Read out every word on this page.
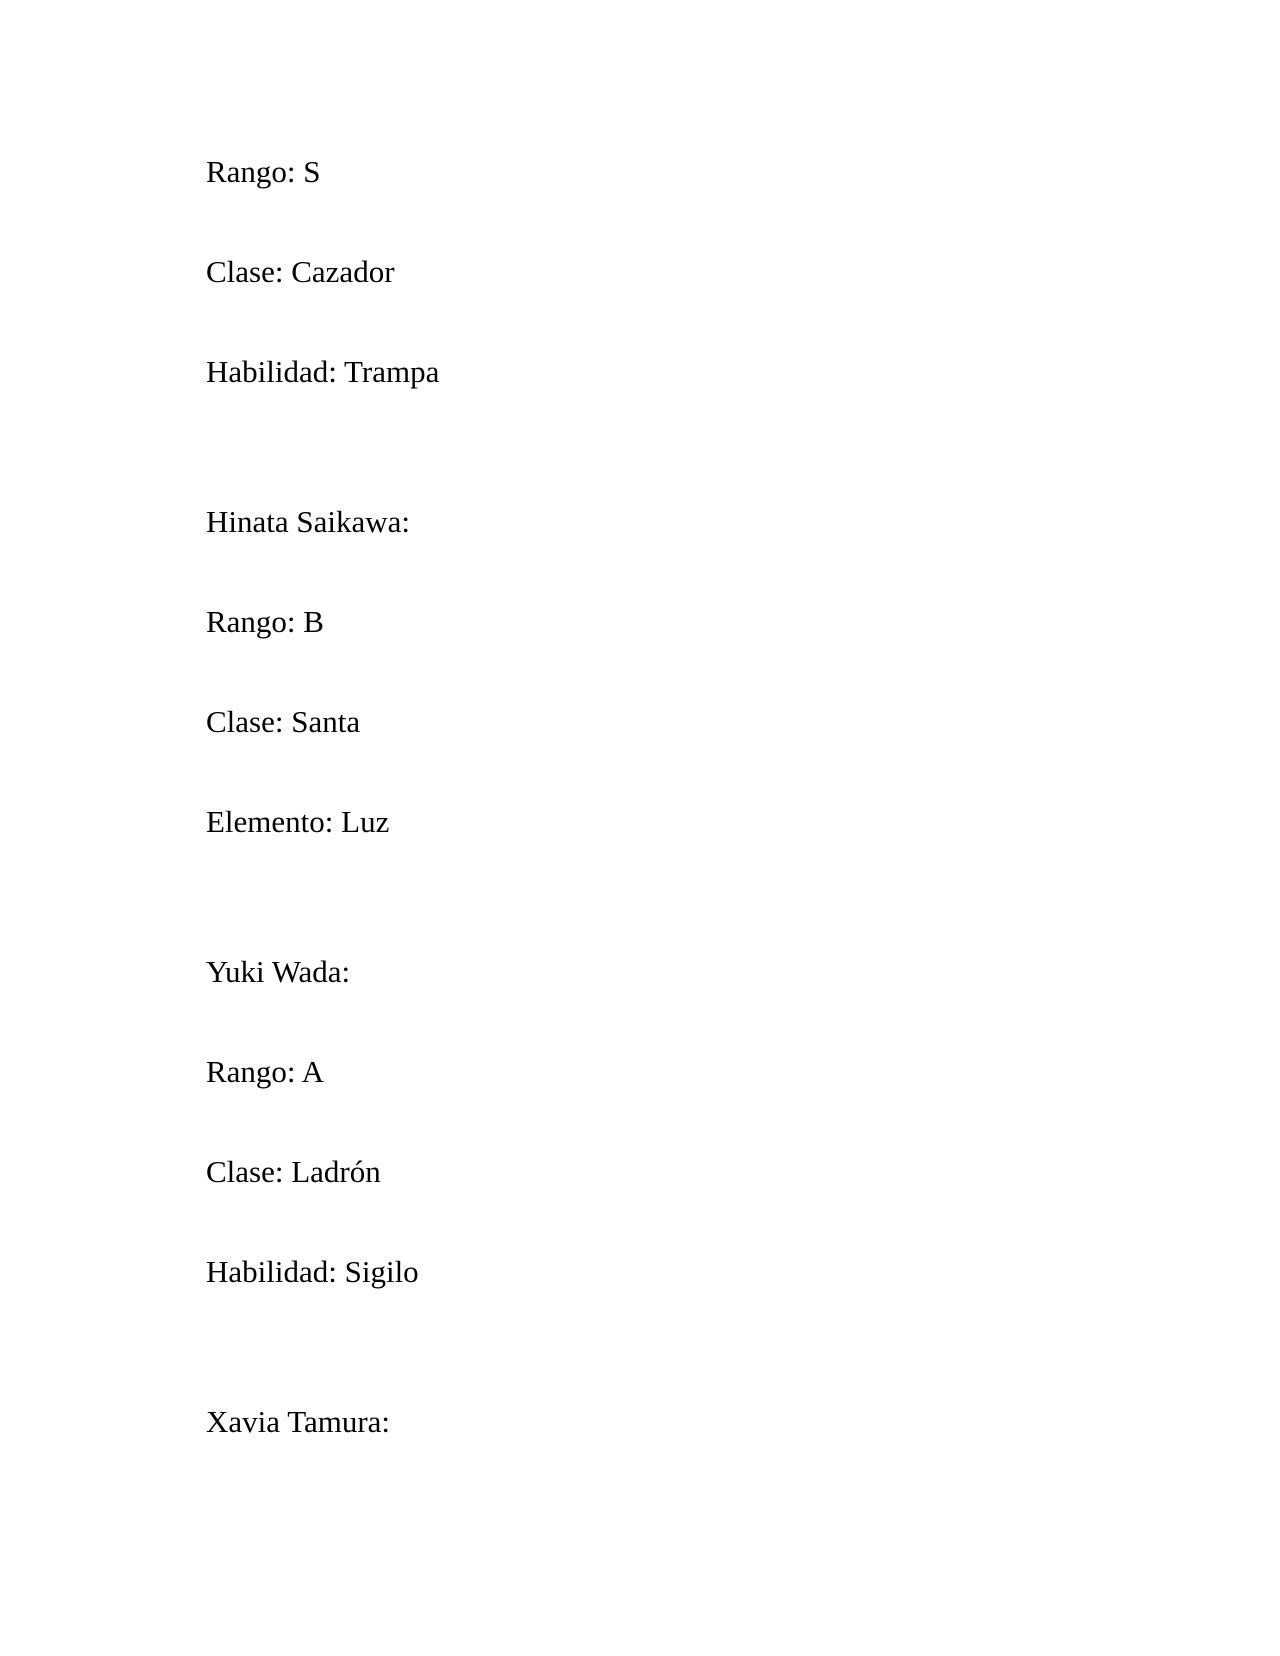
Rango: S

Clase: Cazador

Habilidad: Trampa

Hinata Saikawa:

Rango: B

Clase: Santa

Elemento: Luz

Yuki Wada:

Rango: A

Clase: Ladrón

Habilidad: Sigilo

Xavia Tamura:
